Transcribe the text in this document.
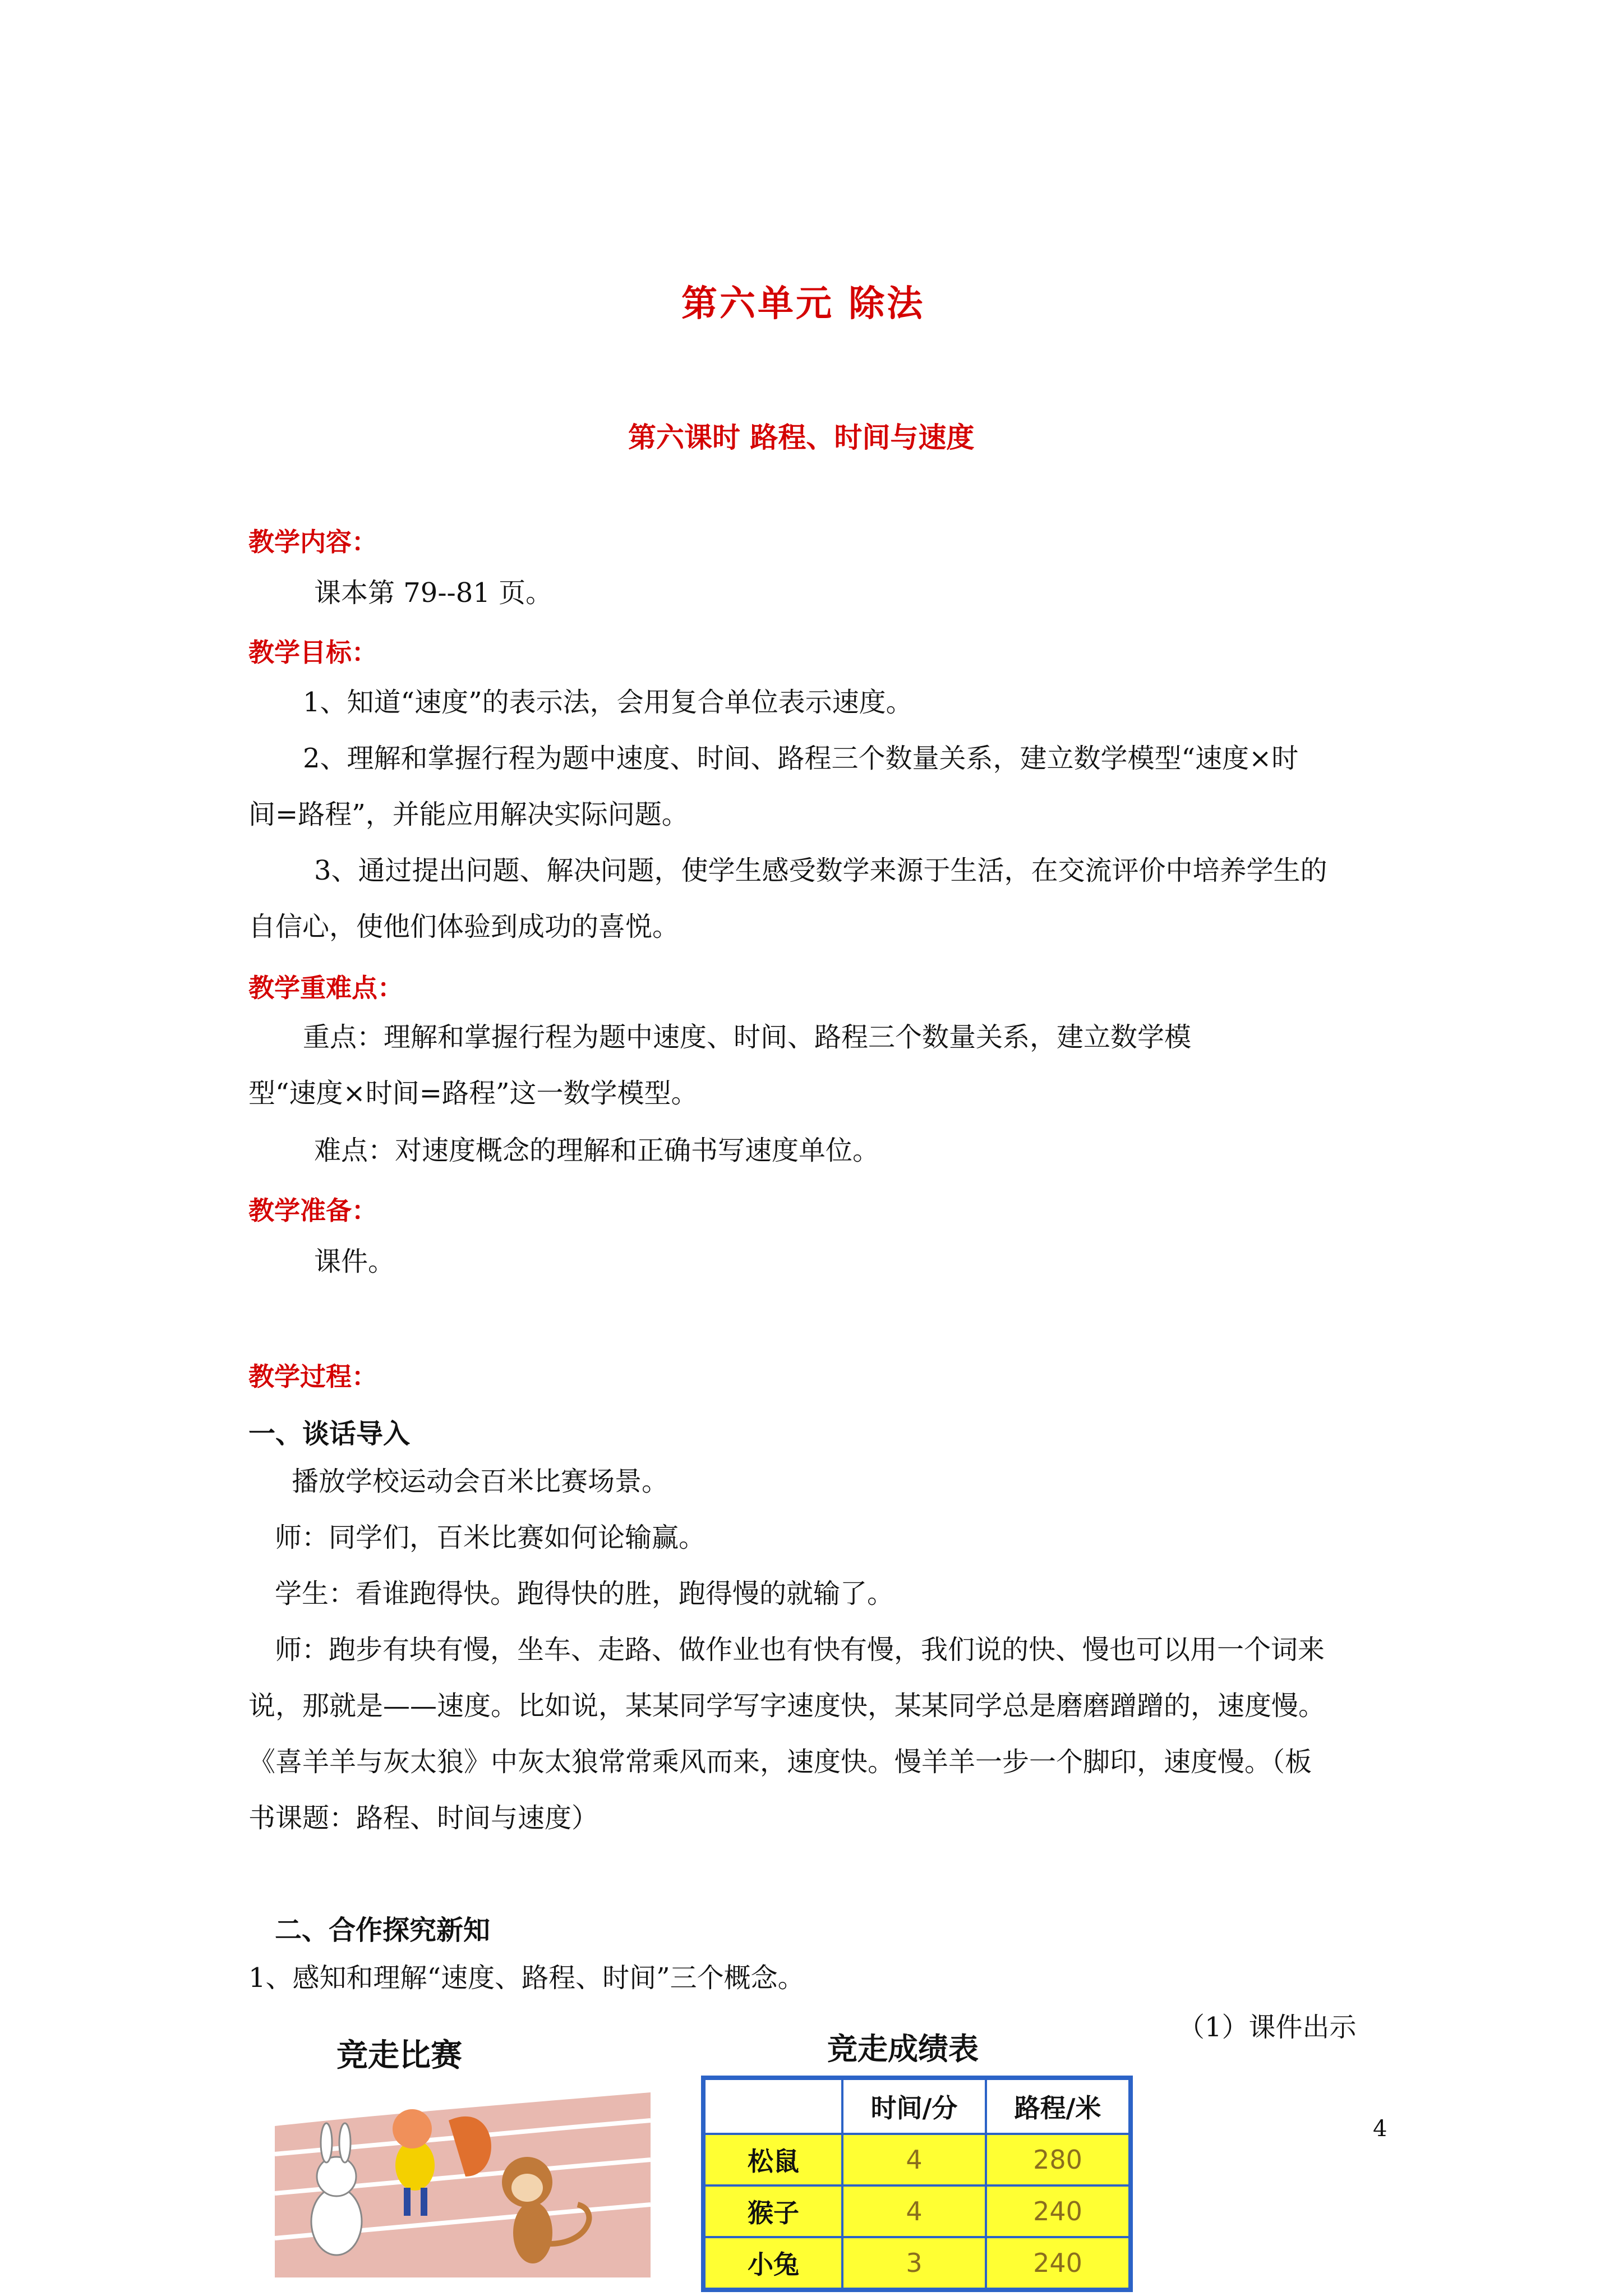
第六单元 除法
第六课时 路程、时间与速度
教学内容：
课本第 79--81 页。
教学目标：
1、知道“速度”的表示法，会用复合单位表示速度。
2、理解和掌握行程为题中速度、时间、路程三个数量关系，建立数学模型“速度×时
间=路程”，并能应用解决实际问题。
3、通过提出问题、解决问题，使学生感受数学来源于生活，在交流评价中培养学生的
自信心，使他们体验到成功的喜悦。
教学重难点：
重点：理解和掌握行程为题中速度、时间、路程三个数量关系，建立数学模
型“速度×时间=路程”这一数学模型。
难点：对速度概念的理解和正确书写速度单位。
教学准备：
课件。
教学过程：
一、谈话导入
播放学校运动会百米比赛场景。
师：同学们，百米比赛如何论输赢。
学生：看谁跑得快。跑得快的胜，跑得慢的就输了。
师：跑步有块有慢，坐车、走路、做作业也有快有慢，我们说的快、慢也可以用一个词来
说，那就是——速度。比如说，某某同学写字速度快，某某同学总是磨磨蹭蹭的，速度慢。
《喜羊羊与灰太狼》中灰太狼常常乘风而来，速度快。慢羊羊一步一个脚印，速度慢。（板
书课题：路程、时间与速度）
二、合作探究新知
1、感知和理解“速度、路程、时间”三个概念。
（1）课件出示
竞走比赛	竞走成绩表
	时间/分	路程/米
松鼠	4	280
猴子	4	240
小兔	3	240
4
